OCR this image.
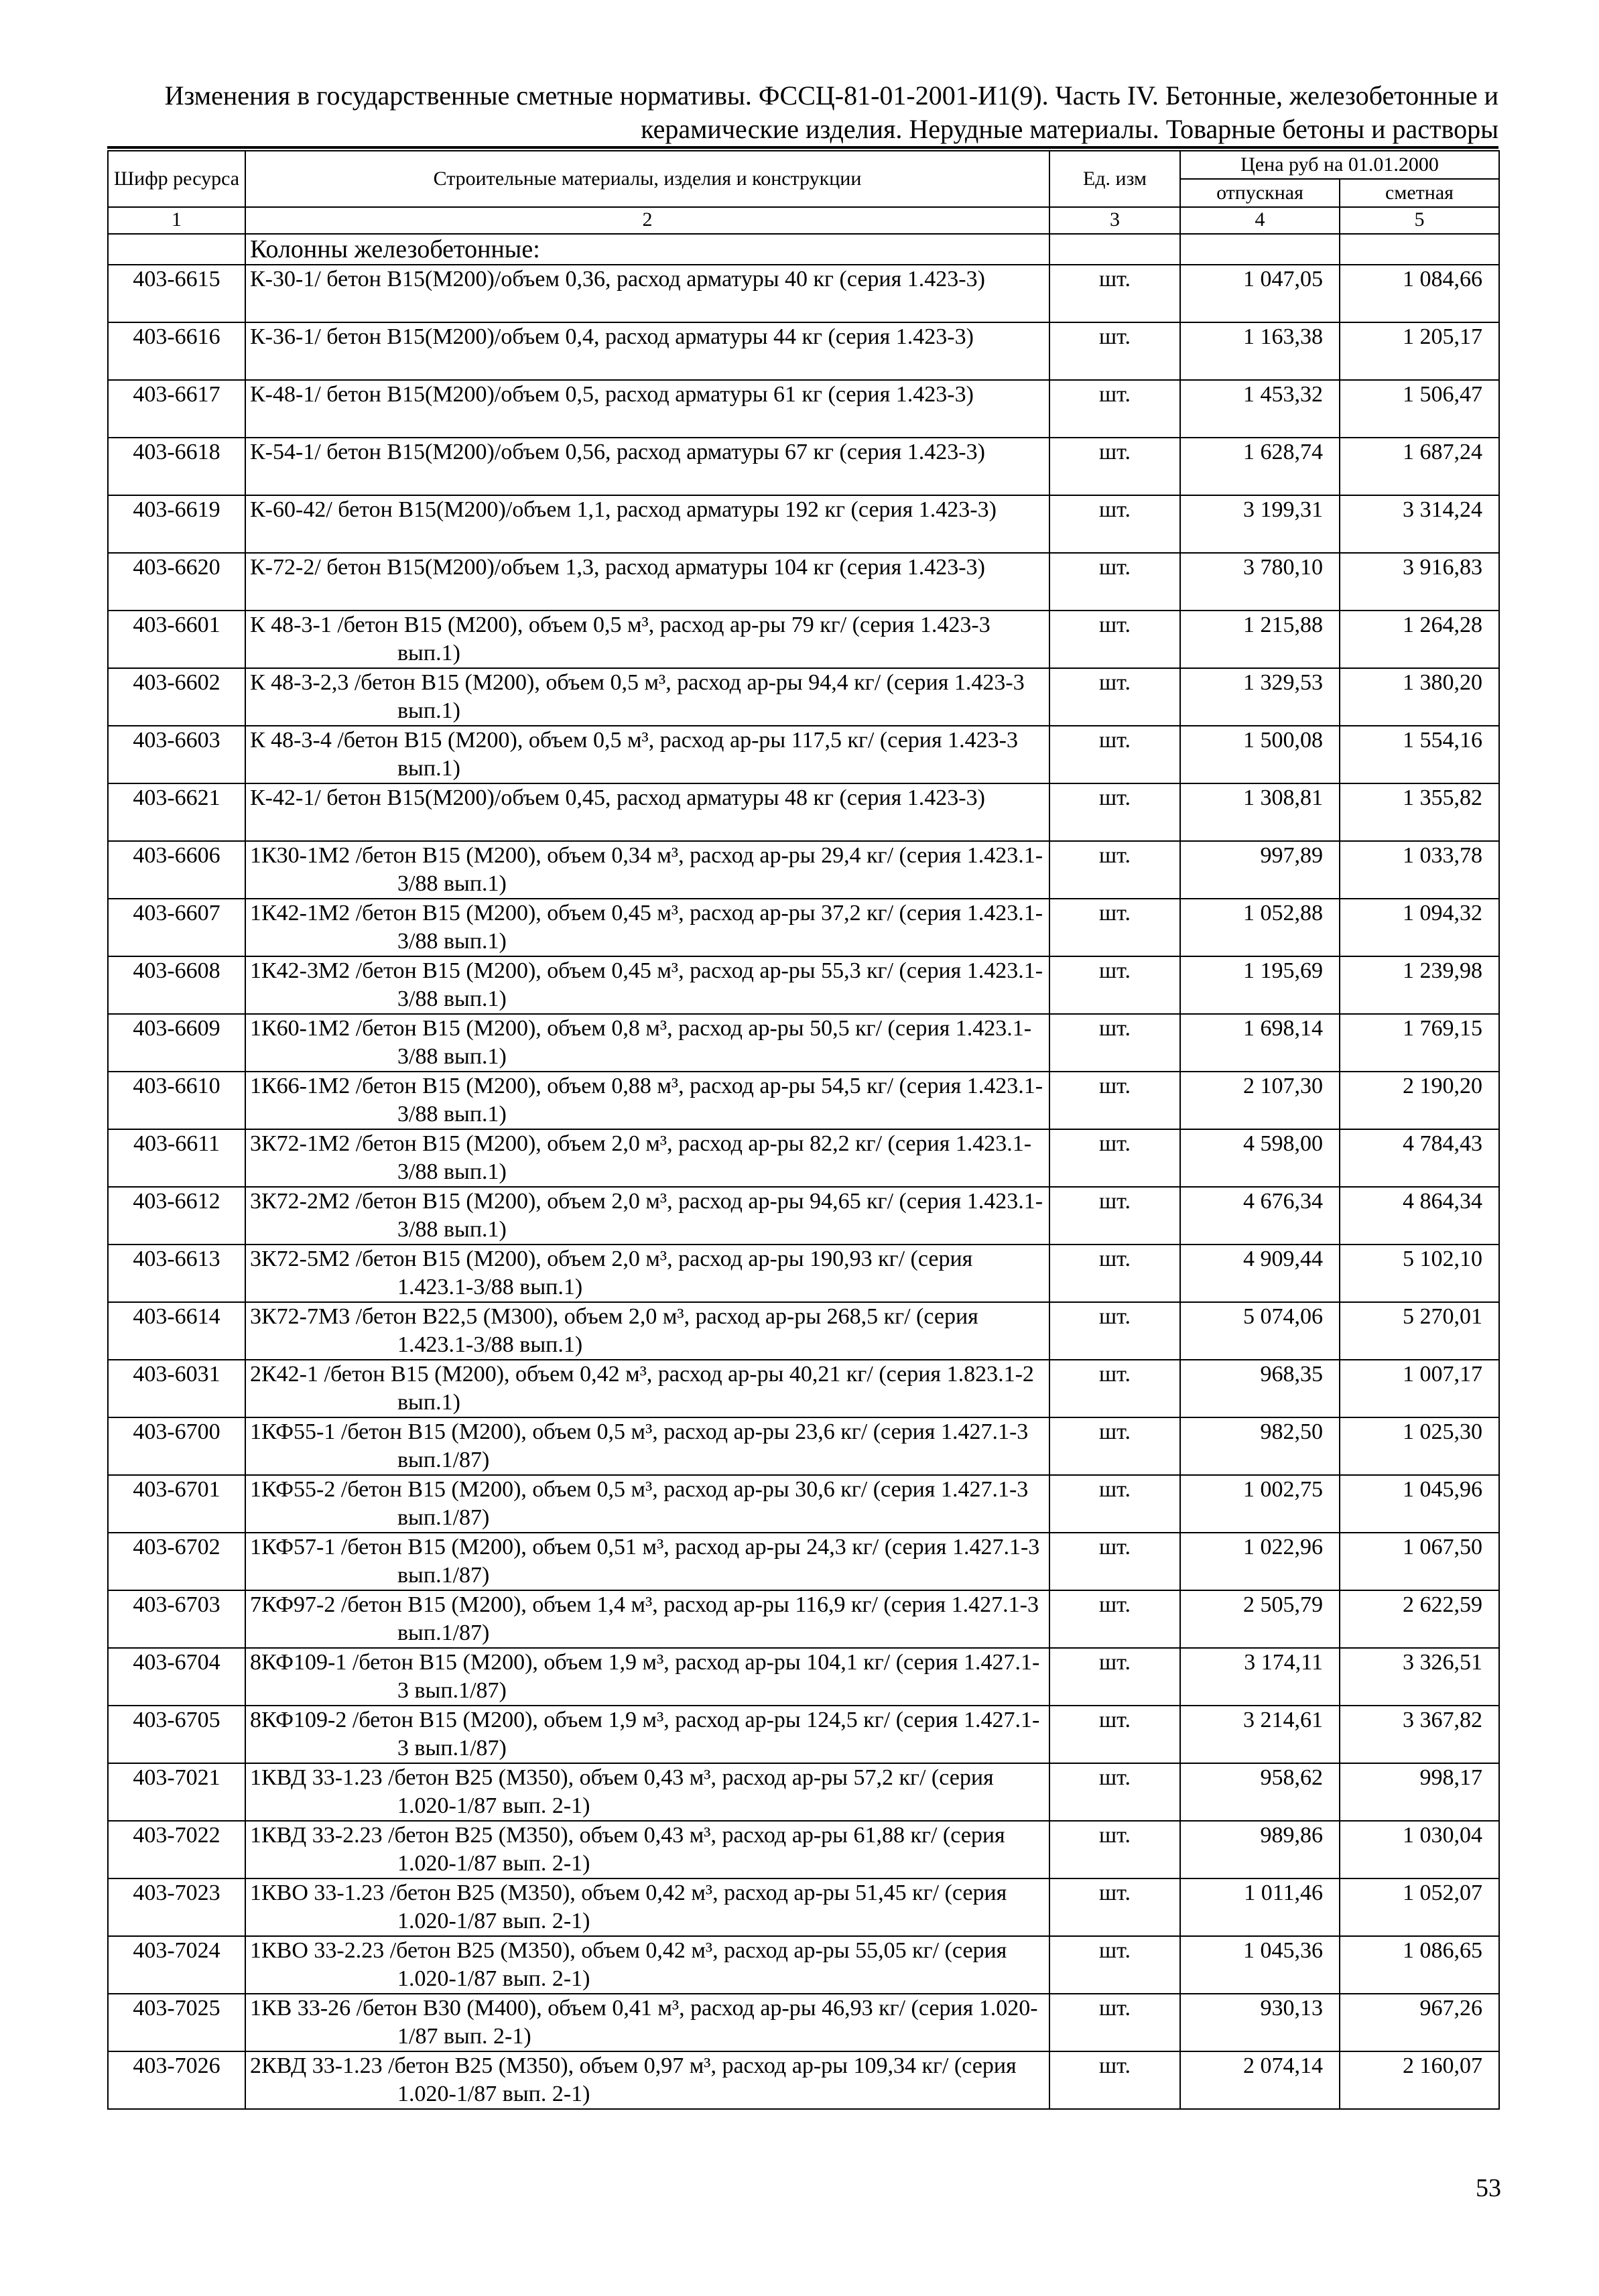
Изменения в государственные сметные нормативы. ФССЦ-81-01-2001-И1(9). Часть IV. Бетонные, железобетонные и
керамические изделия. Нерудные материалы. Товарные бетоны и растворы
Шифр ресурса	Строительные материалы, изделия и конструкции	Ед. изм	Цена руб на 01.01.2000	
			отпускная	сметная
1	2	3	4	5
	Колонны железобетонные:			
403-6615	К-30-1/ бетон В15(М200)/объем 0,36, расход арматуры 40 кг (серия 1.423-3)	шт.	1 047,05	1 084,66
403-6616	К-36-1/ бетон В15(М200)/объем 0,4, расход арматуры 44 кг (серия 1.423-3)	шт.	1 163,38	1 205,17
403-6617	К-48-1/ бетон В15(М200)/объем 0,5, расход арматуры 61 кг (серия 1.423-3)	шт.	1 453,32	1 506,47
403-6618	К-54-1/ бетон В15(М200)/объем 0,56, расход арматуры 67 кг (серия 1.423-3)	шт.	1 628,74	1 687,24
403-6619	К-60-42/ бетон В15(М200)/объем 1,1, расход арматуры 192 кг (серия 1.423-3)	шт.	3 199,31	3 314,24
403-6620	К-72-2/ бетон В15(М200)/объем 1,3, расход арматуры 104 кг (серия 1.423-3)	шт.	3 780,10	3 916,83
403-6601	К 48-3-1 /бетон В15 (М200), объем 0,5 м³, расход ар-ры 79 кг/ (серия 1.423-3 вып.1)	шт.	1 215,88	1 264,28
403-6602	К 48-3-2,3 /бетон В15 (М200), объем 0,5 м³, расход ар-ры 94,4 кг/ (серия 1.423-3 вып.1)	шт.	1 329,53	1 380,20
403-6603	К 48-3-4 /бетон В15 (М200), объем 0,5 м³, расход ар-ры 117,5 кг/ (серия 1.423-3 вып.1)	шт.	1 500,08	1 554,16
403-6621	К-42-1/ бетон В15(М200)/объем 0,45, расход арматуры 48 кг (серия 1.423-3)	шт.	1 308,81	1 355,82
403-6606	1К30-1М2 /бетон В15 (М200), объем 0,34 м³, расход ар-ры 29,4 кг/ (серия 1.423.1-3/88 вып.1)	шт.	997,89	1 033,78
403-6607	1К42-1М2 /бетон В15 (М200), объем 0,45 м³, расход ар-ры 37,2 кг/ (серия 1.423.1-3/88 вып.1)	шт.	1 052,88	1 094,32
403-6608	1К42-3М2 /бетон В15 (М200), объем 0,45 м³, расход ар-ры 55,3 кг/ (серия 1.423.1-3/88 вып.1)	шт.	1 195,69	1 239,98
403-6609	1К60-1М2 /бетон В15 (М200), объем 0,8 м³, расход ар-ры 50,5 кг/ (серия 1.423.1-3/88 вып.1)	шт.	1 698,14	1 769,15
403-6610	1К66-1М2 /бетон В15 (М200), объем 0,88 м³, расход ар-ры 54,5 кг/ (серия 1.423.1-3/88 вып.1)	шт.	2 107,30	2 190,20
403-6611	3К72-1М2 /бетон В15 (М200), объем 2,0 м³, расход ар-ры 82,2 кг/ (серия 1.423.1-3/88 вып.1)	шт.	4 598,00	4 784,43
403-6612	3К72-2М2 /бетон В15 (М200), объем 2,0 м³, расход ар-ры 94,65 кг/ (серия 1.423.1-3/88 вып.1)	шт.	4 676,34	4 864,34
403-6613	3К72-5М2 /бетон В15 (М200), объем 2,0 м³, расход ар-ры 190,93 кг/ (серия 1.423.1-3/88 вып.1)	шт.	4 909,44	5 102,10
403-6614	3К72-7М3 /бетон В22,5 (М300), объем 2,0 м³, расход ар-ры 268,5 кг/ (серия 1.423.1-3/88 вып.1)	шт.	5 074,06	5 270,01
403-6031	2К42-1 /бетон В15 (М200), объем 0,42 м³, расход ар-ры 40,21 кг/ (серия 1.823.1-2 вып.1)	шт.	968,35	1 007,17
403-6700	1КФ55-1 /бетон В15 (М200), объем 0,5 м³, расход ар-ры 23,6 кг/ (серия 1.427.1-3 вып.1/87)	шт.	982,50	1 025,30
403-6701	1КФ55-2 /бетон В15 (М200), объем 0,5 м³, расход ар-ры 30,6 кг/ (серия 1.427.1-3 вып.1/87)	шт.	1 002,75	1 045,96
403-6702	1КФ57-1 /бетон В15 (М200), объем 0,51 м³, расход ар-ры 24,3 кг/ (серия 1.427.1-3 вып.1/87)	шт.	1 022,96	1 067,50
403-6703	7КФ97-2 /бетон В15 (М200), объем 1,4 м³, расход ар-ры 116,9 кг/ (серия 1.427.1-3 вып.1/87)	шт.	2 505,79	2 622,59
403-6704	8КФ109-1 /бетон В15 (М200), объем 1,9 м³, расход ар-ры 104,1 кг/ (серия 1.427.1-3 вып.1/87)	шт.	3 174,11	3 326,51
403-6705	8КФ109-2 /бетон В15 (М200), объем 1,9 м³, расход ар-ры 124,5 кг/ (серия 1.427.1-3 вып.1/87)	шт.	3 214,61	3 367,82
403-7021	1КВД 33-1.23 /бетон В25 (М350), объем 0,43 м³, расход ар-ры 57,2 кг/ (серия 1.020-1/87 вып. 2-1)	шт.	958,62	998,17
403-7022	1КВД 33-2.23 /бетон В25 (М350), объем 0,43 м³, расход ар-ры 61,88 кг/ (серия 1.020-1/87 вып. 2-1)	шт.	989,86	1 030,04
403-7023	1КВО 33-1.23 /бетон В25 (М350), объем 0,42 м³, расход ар-ры 51,45 кг/ (серия 1.020-1/87 вып. 2-1)	шт.	1 011,46	1 052,07
403-7024	1КВО 33-2.23 /бетон В25 (М350), объем 0,42 м³, расход ар-ры 55,05 кг/ (серия 1.020-1/87 вып. 2-1)	шт.	1 045,36	1 086,65
403-7025	1КВ 33-26 /бетон В30 (М400), объем 0,41 м³, расход ар-ры 46,93 кг/ (серия 1.020-1/87 вып. 2-1)	шт.	930,13	967,26
403-7026	2КВД 33-1.23 /бетон В25 (М350), объем 0,97 м³, расход ар-ры 109,34 кг/ (серия 1.020-1/87 вып. 2-1)	шт.	2 074,14	2 160,07
53
